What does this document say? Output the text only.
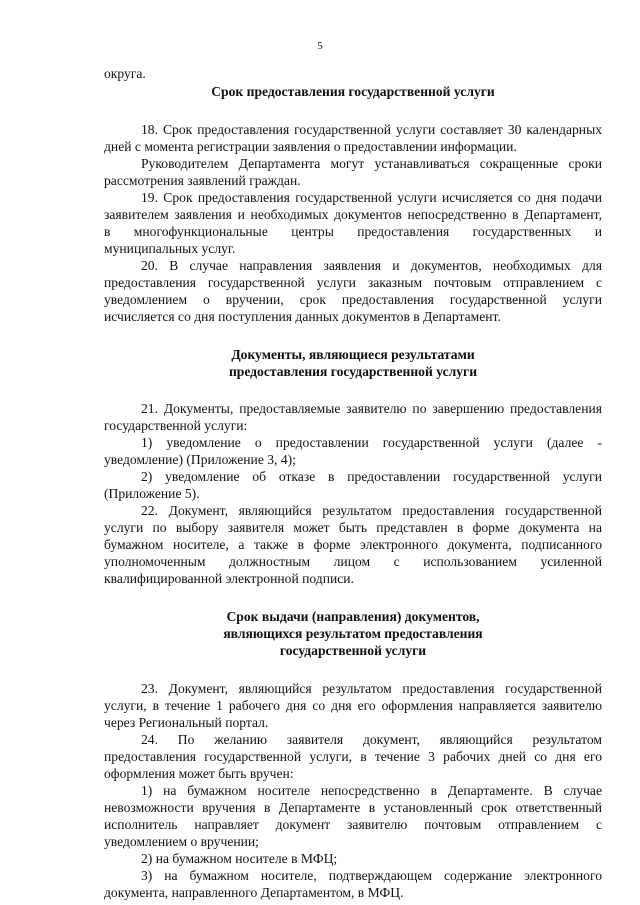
5
округа.
Срок предоставления государственной услуги
18. Срок предоставления государственной услуги составляет 30 календарных
дней с момента регистрации заявления о предоставлении информации.
Руководителем Департамента могут устанавливаться сокращенные сроки
рассмотрения заявлений граждан.
19. Срок предоставления государственной услуги исчисляется со дня подачи
заявителем заявления и необходимых документов непосредственно в Департамент,
в многофункциональные центры предоставления государственных и
муниципальных услуг.
20. В случае направления заявления и документов, необходимых для
предоставления государственной услуги заказным почтовым отправлением с
уведомлением о вручении, срок предоставления государственной услуги
исчисляется со дня поступления данных документов в Департамент.
Документы, являющиеся результатами
предоставления государственной услуги
21. Документы, предоставляемые заявителю по завершению предоставления
государственной услуги:
1) уведомление о предоставлении государственной услуги (далее -
уведомление) (Приложение 3, 4);
2) уведомление об отказе в предоставлении государственной услуги
(Приложение 5).
22. Документ, являющийся результатом предоставления государственной
услуги по выбору заявителя может быть представлен в форме документа на
бумажном носителе, а также в форме электронного документа, подписанного
уполномоченным должностным лицом с использованием усиленной
квалифицированной электронной подписи.
Срок выдачи (направления) документов,
являющихся результатом предоставления
государственной услуги
23. Документ, являющийся результатом предоставления государственной
услуги, в течение 1 рабочего дня со дня его оформления направляется заявителю
через Региональный портал.
24. По желанию заявителя документ, являющийся результатом
предоставления государственной услуги, в течение 3 рабочих дней со дня его
оформления может быть вручен:
1) на бумажном носителе непосредственно в Департаменте. В случае
невозможности вручения в Департаменте в установленный срок ответственный
исполнитель направляет документ заявителю почтовым отправлением с
уведомлением о вручении;
2) на бумажном носителе в МФЦ;
3) на бумажном носителе, подтверждающем содержание электронного
документа, направленного Департаментом, в МФЦ.
